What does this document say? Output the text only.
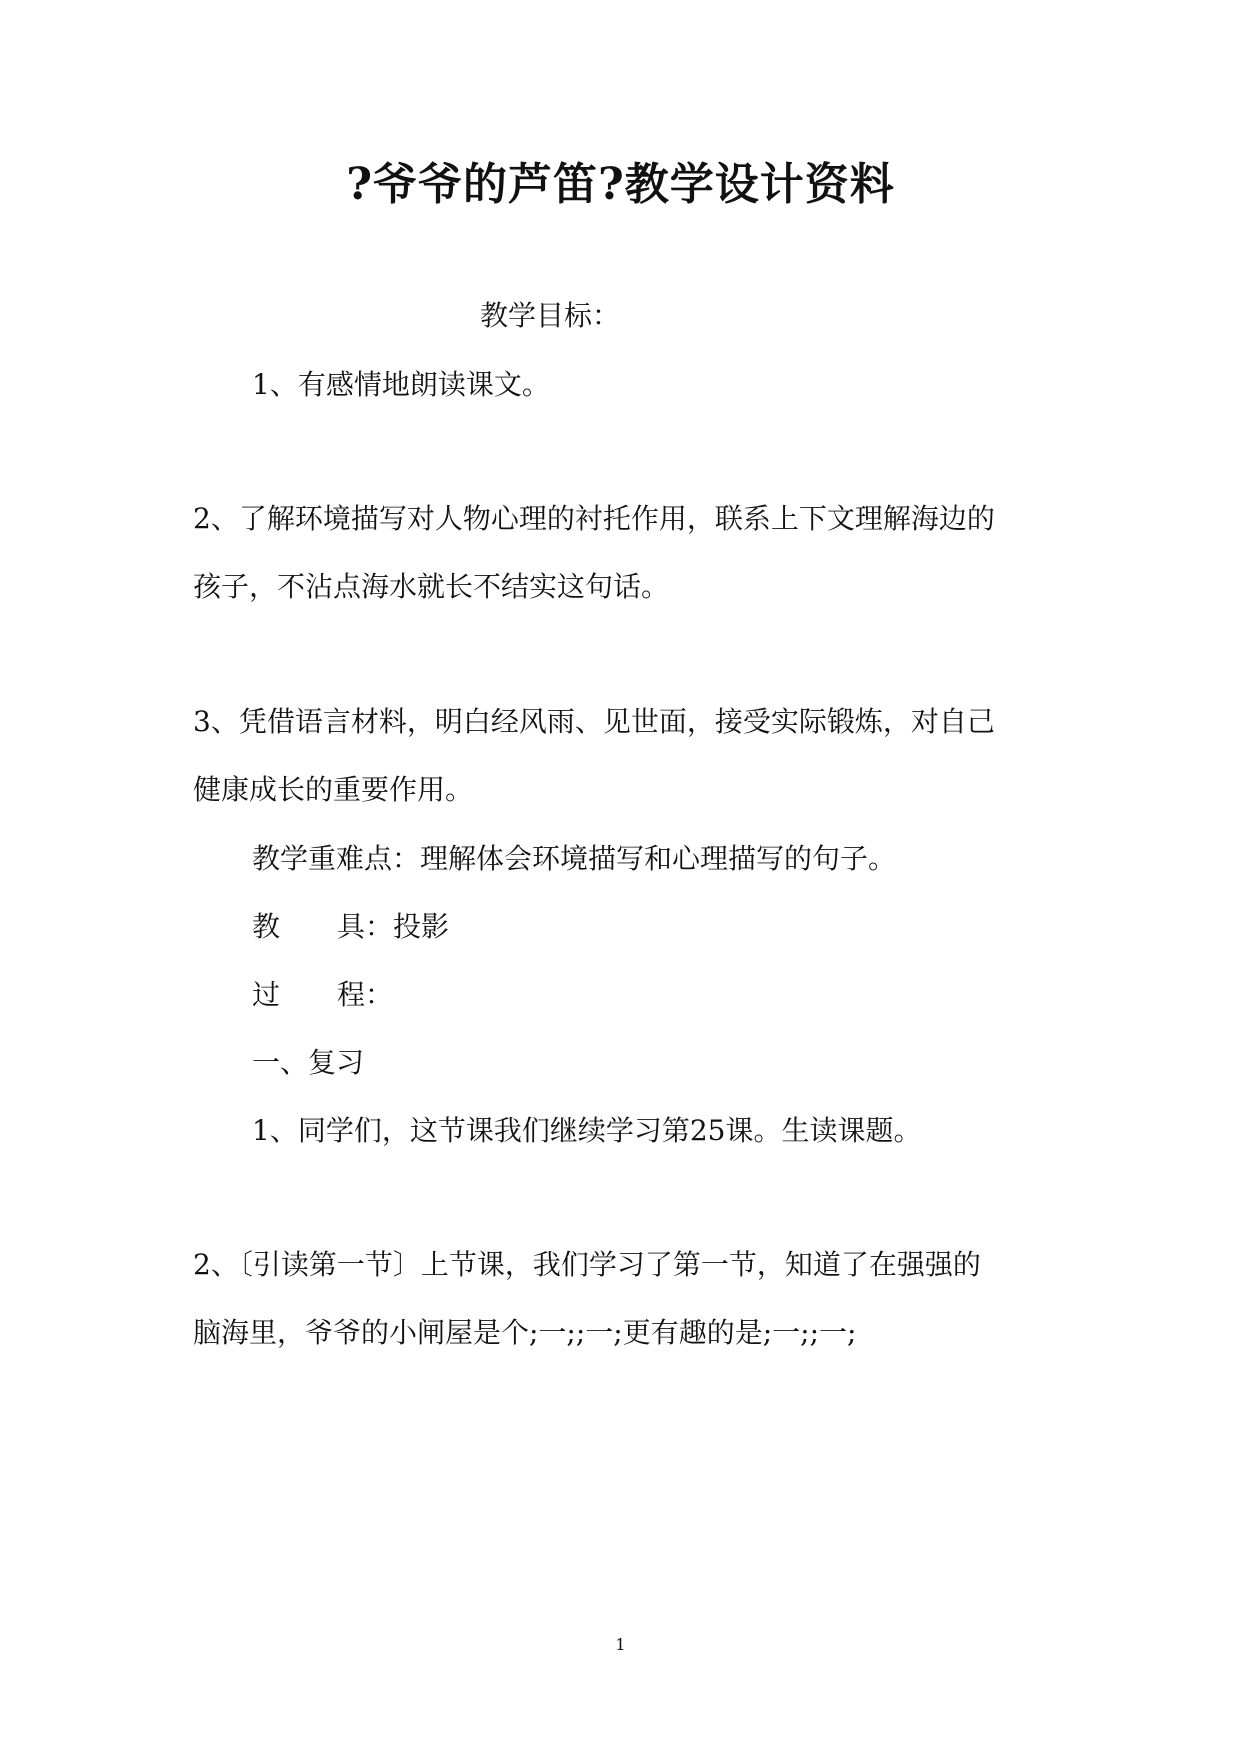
?爷爷的芦笛?教学设计资料
教学目标：
1、有感情地朗读课文。
2、了解环境描写对人物心理的衬托作用，联系上下文理解海边的
孩子，不沾点海水就长不结实这句话。
3、凭借语言材料，明白经风雨、见世面，接受实际锻炼，对自己
健康成长的重要作用。
教学重难点：理解体会环境描写和心理描写的句子。
教 具：投影
过 程：
一、复习
1、同学们，这节课我们继续学习第25课。生读课题。
2、〔引读第一节〕上节课，我们学习了第一节，知道了在强强的
脑海里，爷爷的小闸屋是个;一;;一;更有趣的是;一;;一;
1
